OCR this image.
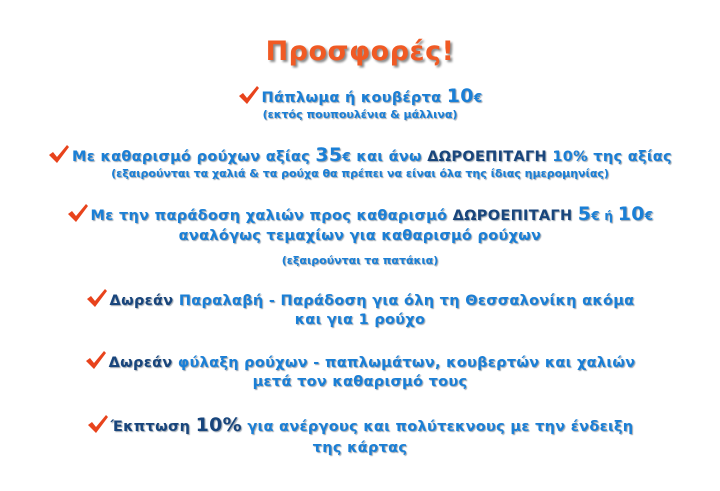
Προσφορές!
Πάπλωμα ή κουβέρτα 10€
(εκτός πουπουλένια & μάλλινα)
Με καθαρισμό ρούχων αξίας 35€ και άνω ΔΩΡΟΕΠΙΤΑΓΗ 10% της αξίας
(εξαιρούνται τα χαλιά & τα ρούχα θα πρέπει να είναι όλα της ίδιας ημερομηνίας)
Με την παράδοση χαλιών προς καθαρισμό ΔΩΡΟΕΠΙΤΑΓΗ 5€ ή 10€
αναλόγως τεμαχίων για καθαρισμό ρούχων
(εξαιρούνται τα πατάκια)
Δωρεάν Παραλαβή - Παράδοση για όλη τη Θεσσαλονίκη ακόμα
και για 1 ρούχο
Δωρεάν φύλαξη ρούχων - παπλωμάτων, κουβερτών και χαλιών
μετά τον καθαρισμό τους
Έκπτωση 10% για ανέργους και πολύτεκνους με την ένδειξη
της κάρτας
